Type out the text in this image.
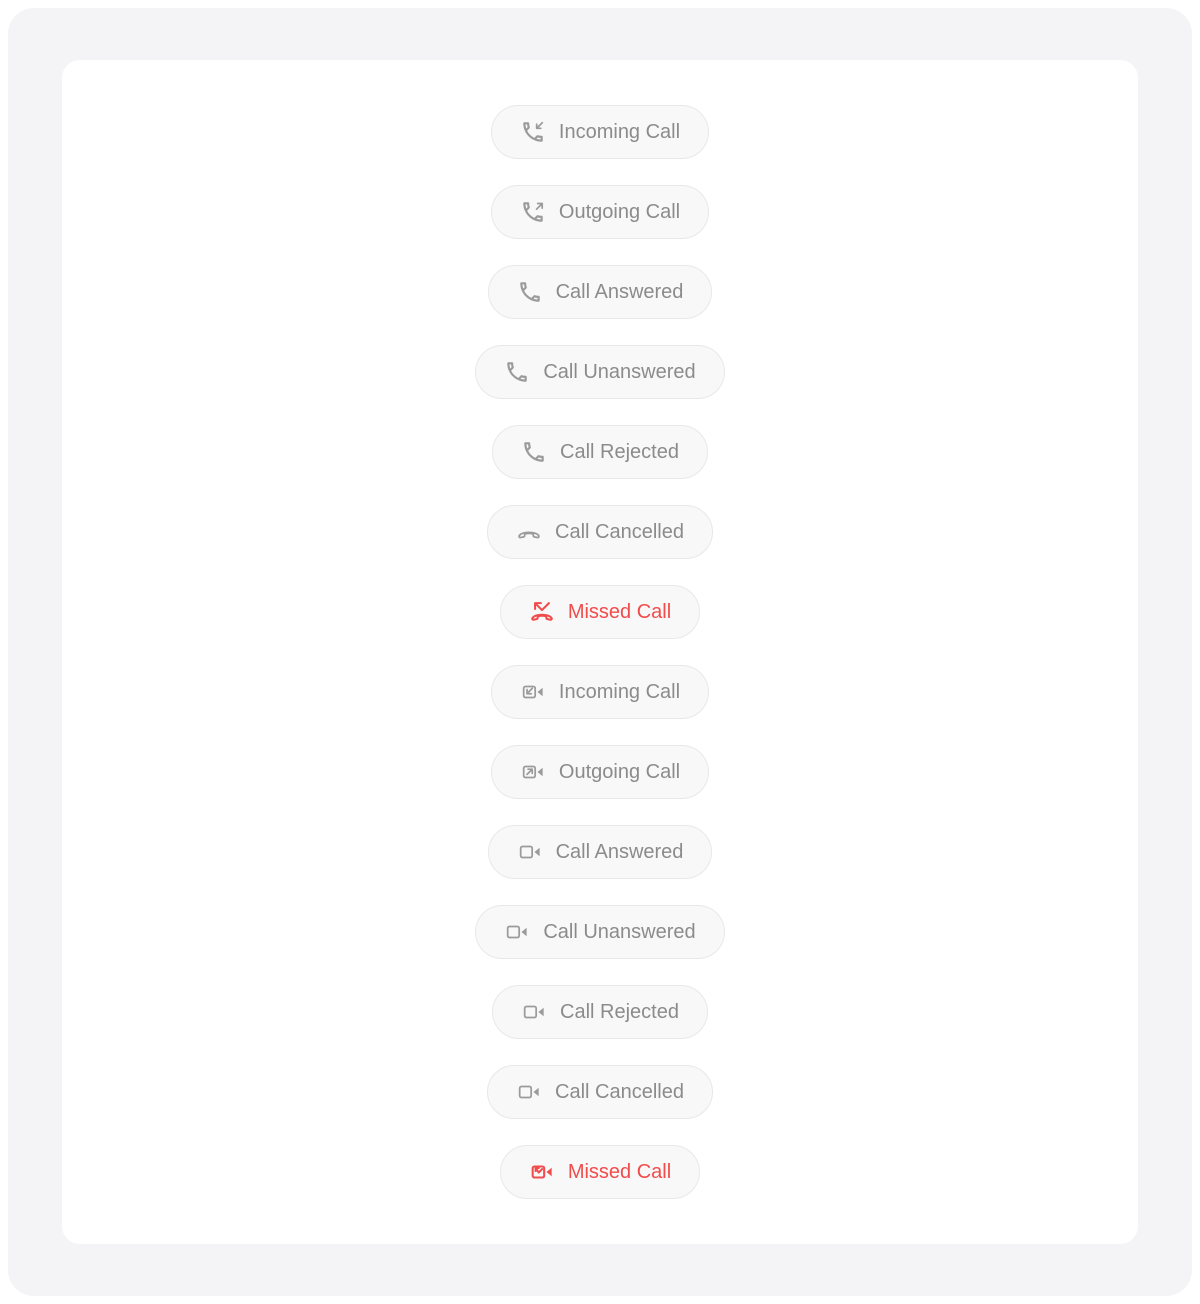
Incoming Call
Outgoing Call
Call Answered
Call Unanswered
Call Rejected
Call Cancelled
Missed Call
Incoming Call
Outgoing Call
Call Answered
Call Unanswered
Call Rejected
Call Cancelled
Missed Call
